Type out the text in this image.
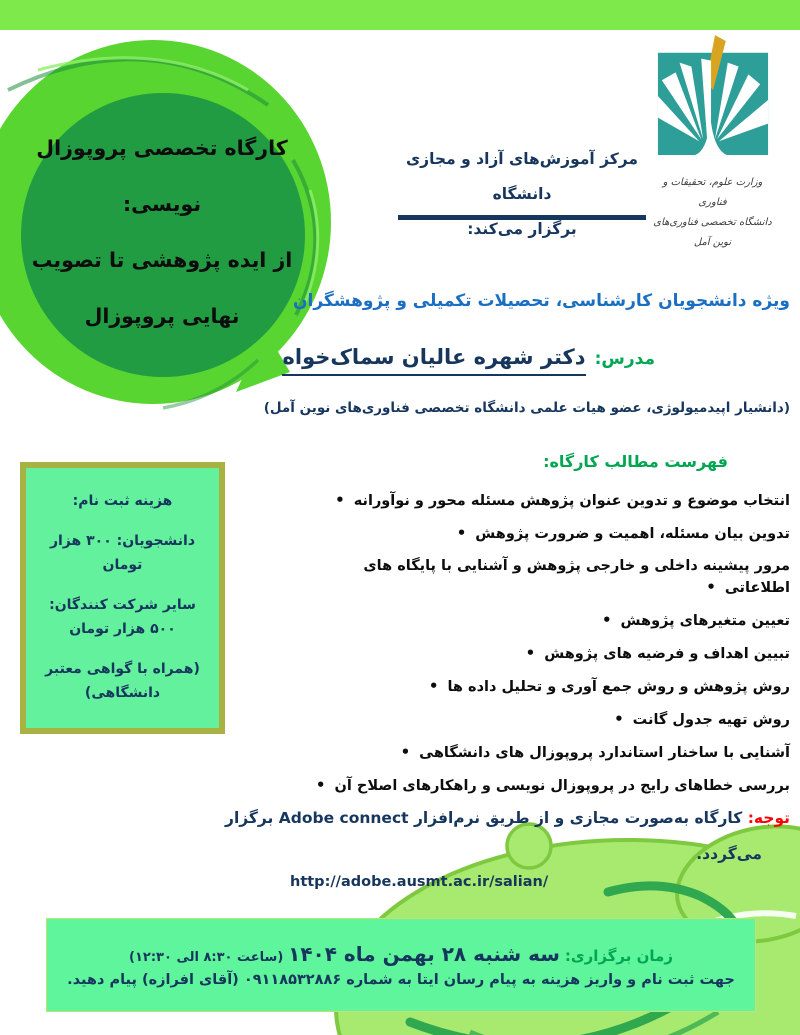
کارگاه تخصصی پروپوزال
نویسی:
از ایده پژوهشی تا تصویب
نهایی پروپوزال
وزارت علوم، تحقیقات و فناوری
دانشگاه تخصصی فناوری‌های نوین آمل
مرکز آموزش‌های آزاد و مجازی دانشگاه
برگزار می‌کند:
ویژه دانشجویان کارشناسی، تحصیلات تکمیلی و پژوهشگران
مدرس: دکتر شهره عالیان سماک‌خواه
(دانشیار اپیدمیولوژی، عضو هیات علمی دانشگاه تخصصی فناوری‌های نوین آمل)
فهرست مطالب کارگاه:
انتخاب موضوع و تدوین عنوان پژوهش مسئله محور و نوآورانه •
تدوین بیان مسئله، اهمیت و ضرورت پژوهش •
مرور پیشینه داخلی و خارجی پژوهش و آشنایی با پایگاه های اطلاعاتی •
تعیین متغیرهای پژوهش •
تبیین اهداف و فرضیه های پژوهش •
روش پژوهش و روش جمع آوری و تحلیل داده ها •
روش تهیه جدول گانت •
آشنایی با ساخنار استاندارد پروپوزال های دانشگاهی •
بررسی خطاهای رایج در پروپوزال نویسی و راهکارهای اصلاح آن •
توجه: کارگاه به‌صورت مجازی و از طریق نرم‌افزار Adobe connect برگزار
می‌گردد.
http://adobe.ausmt.ac.ir/salian/
هزینه ثبت نام:
دانشجویان: ۳۰۰ هزار تومان
سایر شرکت کنندگان: ۵۰۰ هزار تومان
(همراه با گواهی معتبر دانشگاهی)
زمان برگزاری: سه شنبه ۲۸ بهمن ماه ۱۴۰۴ (ساعت ۸:۳۰ الی ۱۲:۳۰)
جهت ثبت نام و واریز هزینه به پیام رسان ایتا به شماره ۰۹۱۱۸۵۳۲۸۸۶ (آقای افرازه) پیام دهید.
